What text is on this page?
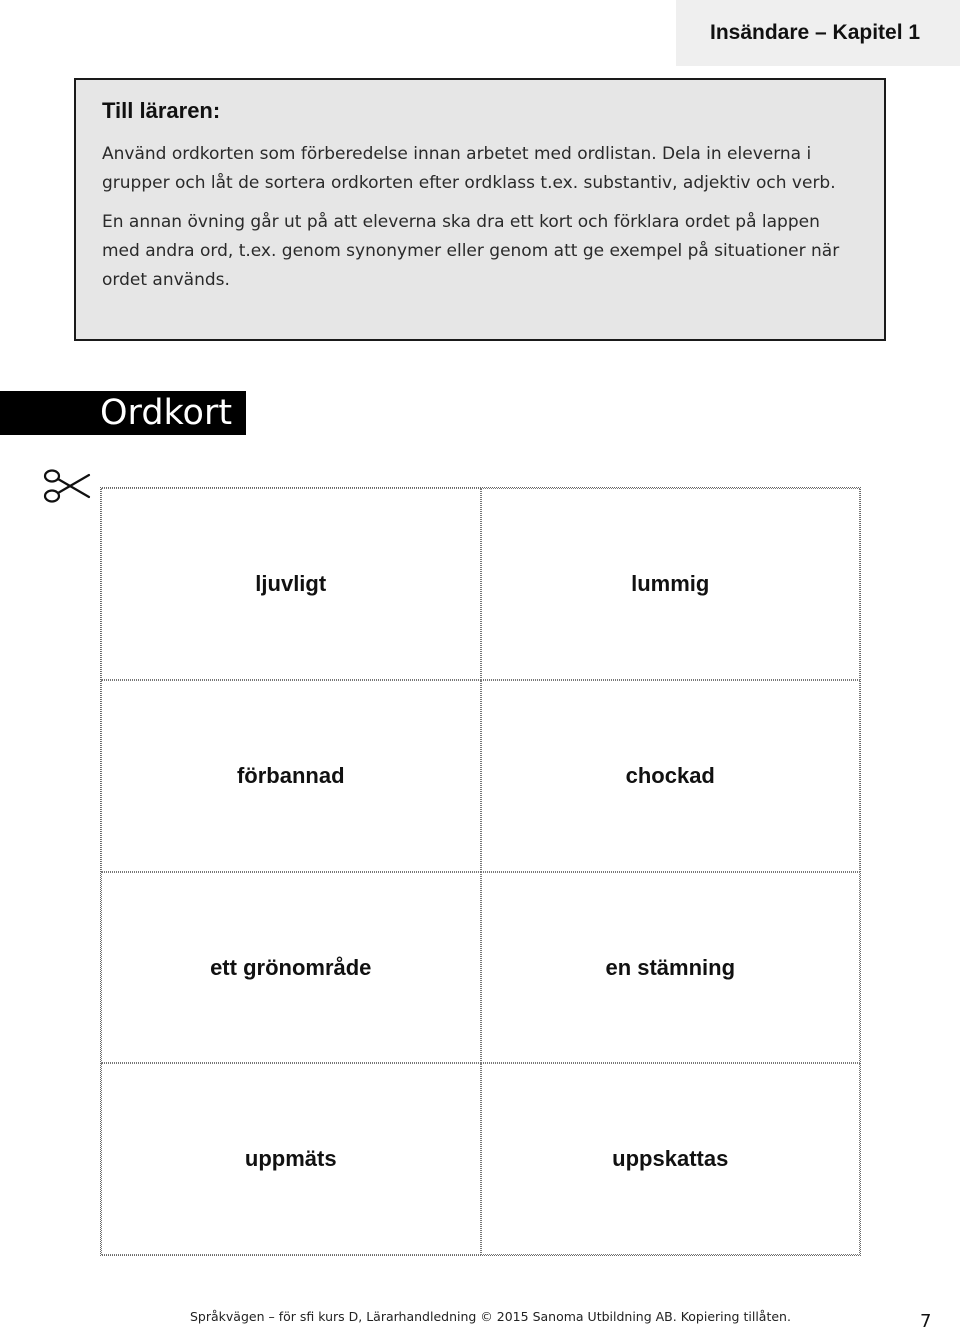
Insändare – Kapitel 1
Till läraren:

Använd ordkorten som förberedelse innan arbetet med ordlistan. Dela in eleverna i grupper och låt de sortera ordkorten efter ordklass t.ex. substantiv, adjektiv och verb.

En annan övning går ut på att eleverna ska dra ett kort och förklara ordet på lappen med andra ord, t.ex. genom synonymer eller genom att ge exempel på situationer när ordet används.

Ordkort
ljuvligt	lummig
förbannad	chockad
ett grönområde	en stämning
uppmäts	uppskattas
Språkvägen – för sfi kurs D, Lärarhandledning © 2015 Sanoma Utbildning AB. Kopiering tillåten.	7
